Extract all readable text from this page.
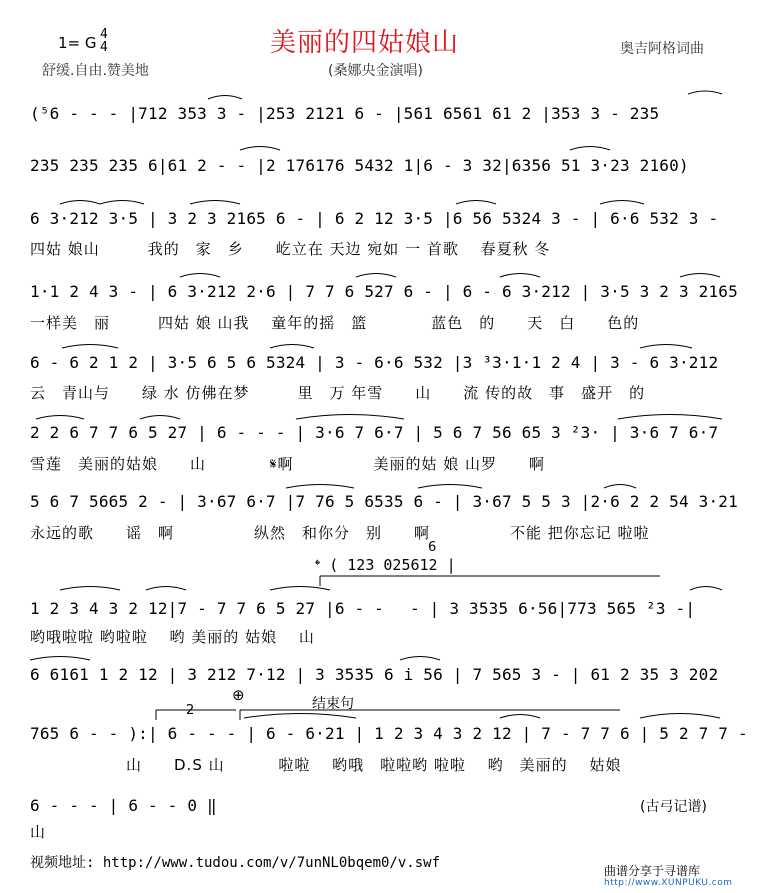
美丽的四姑娘山
1= G 4
4	奥吉阿格词曲
舒缓.自由.赞美地	(桑娜央金演唱)
(⁵6 - - - |712 353 3 - |253 2121 6 - |561 6561 61 2 |353 3 - 235
235 235 235 6|61 2 - - |2 176176 5432 1|6 - 3 32|6356 51 3·23 2160)
6 3·212 3·5 | 3 2 3 2165 6 - | 6 2 12 3·5 |6 56 5324 3 - | 6·6 532 3 -
四姑 娘山　　　我的　家　乡　　屹立在 天边 宛如 一 首歌　 春夏秋 冬
1·1 2 4 3 - | 6 3·212 2·6 | 7 7 6 527 6 - | 6 - 6 3·212 | 3·5 3 2 3 2165
一样美　丽　　　四姑 娘 山我　 童年的摇　篮　　　　蓝色　的　　天　白　　色的
6 - 6 2 1 2 | 3·5 6 5 6 5324 | 3 - 6·6 532 |3 ³3·1·1 2 4 | 3 - 6 3·212
云　青山与　　绿 水 仿佛在梦　　　里　万 年雪　　山　　流 传的故　事　盛开　的
2 2 6 7 7 6 5 27 | 6 - - - | 3·6 7 6·7 | 5 6 7 56 65 3 ²3· | 3·6 7 6·7
雪莲　美丽的姑娘　　山　　　　𝄋啊　　　　　美丽的姑 娘 山罗　　啊
5 6 7 5665 2 - | 3·67 6·7 |7 76 5 6535 6 - | 3·67 5 5 3 |2·6 2 2 54 3·21
永远的歌　　谣　啊　　　　　纵然　和你分　别　　啊　　　　　不能 把你忘记 啦啦
𝄌 ( 123 025612 |
6
1 2 3 4 3 2 12|7 - 7 7 6 5 27 |6 - -　 - | 3 3535 6·56|773 565 ²3 -|
哟哦啦啦 哟啦啦　 哟 美丽的 姑娘　 山
6 6161 1 2 12 | 3 212 7·12 | 3 3535 6 i 56 | 7 565 3 - | 61 2 35 3 202
2	结束句
⊕
765 6 - - ):| 6 - - - | 6 - 6·21 | 1 2 3 4 3 2 12 | 7 - 7 7 6 | 5 2 7 7 -
　　　　　　山　　D.S 山　　　 啦啦　 哟哦　啦啦哟 啦啦　 哟　美丽的　 姑娘
6 - - - | 6 - - 0 ‖
山
(古弓记谱)
视频地址: http://www.tudou.com/v/7unNL0bqem0/v.swf	曲谱分享于寻谱库
http://www.XUNPUKU.com
